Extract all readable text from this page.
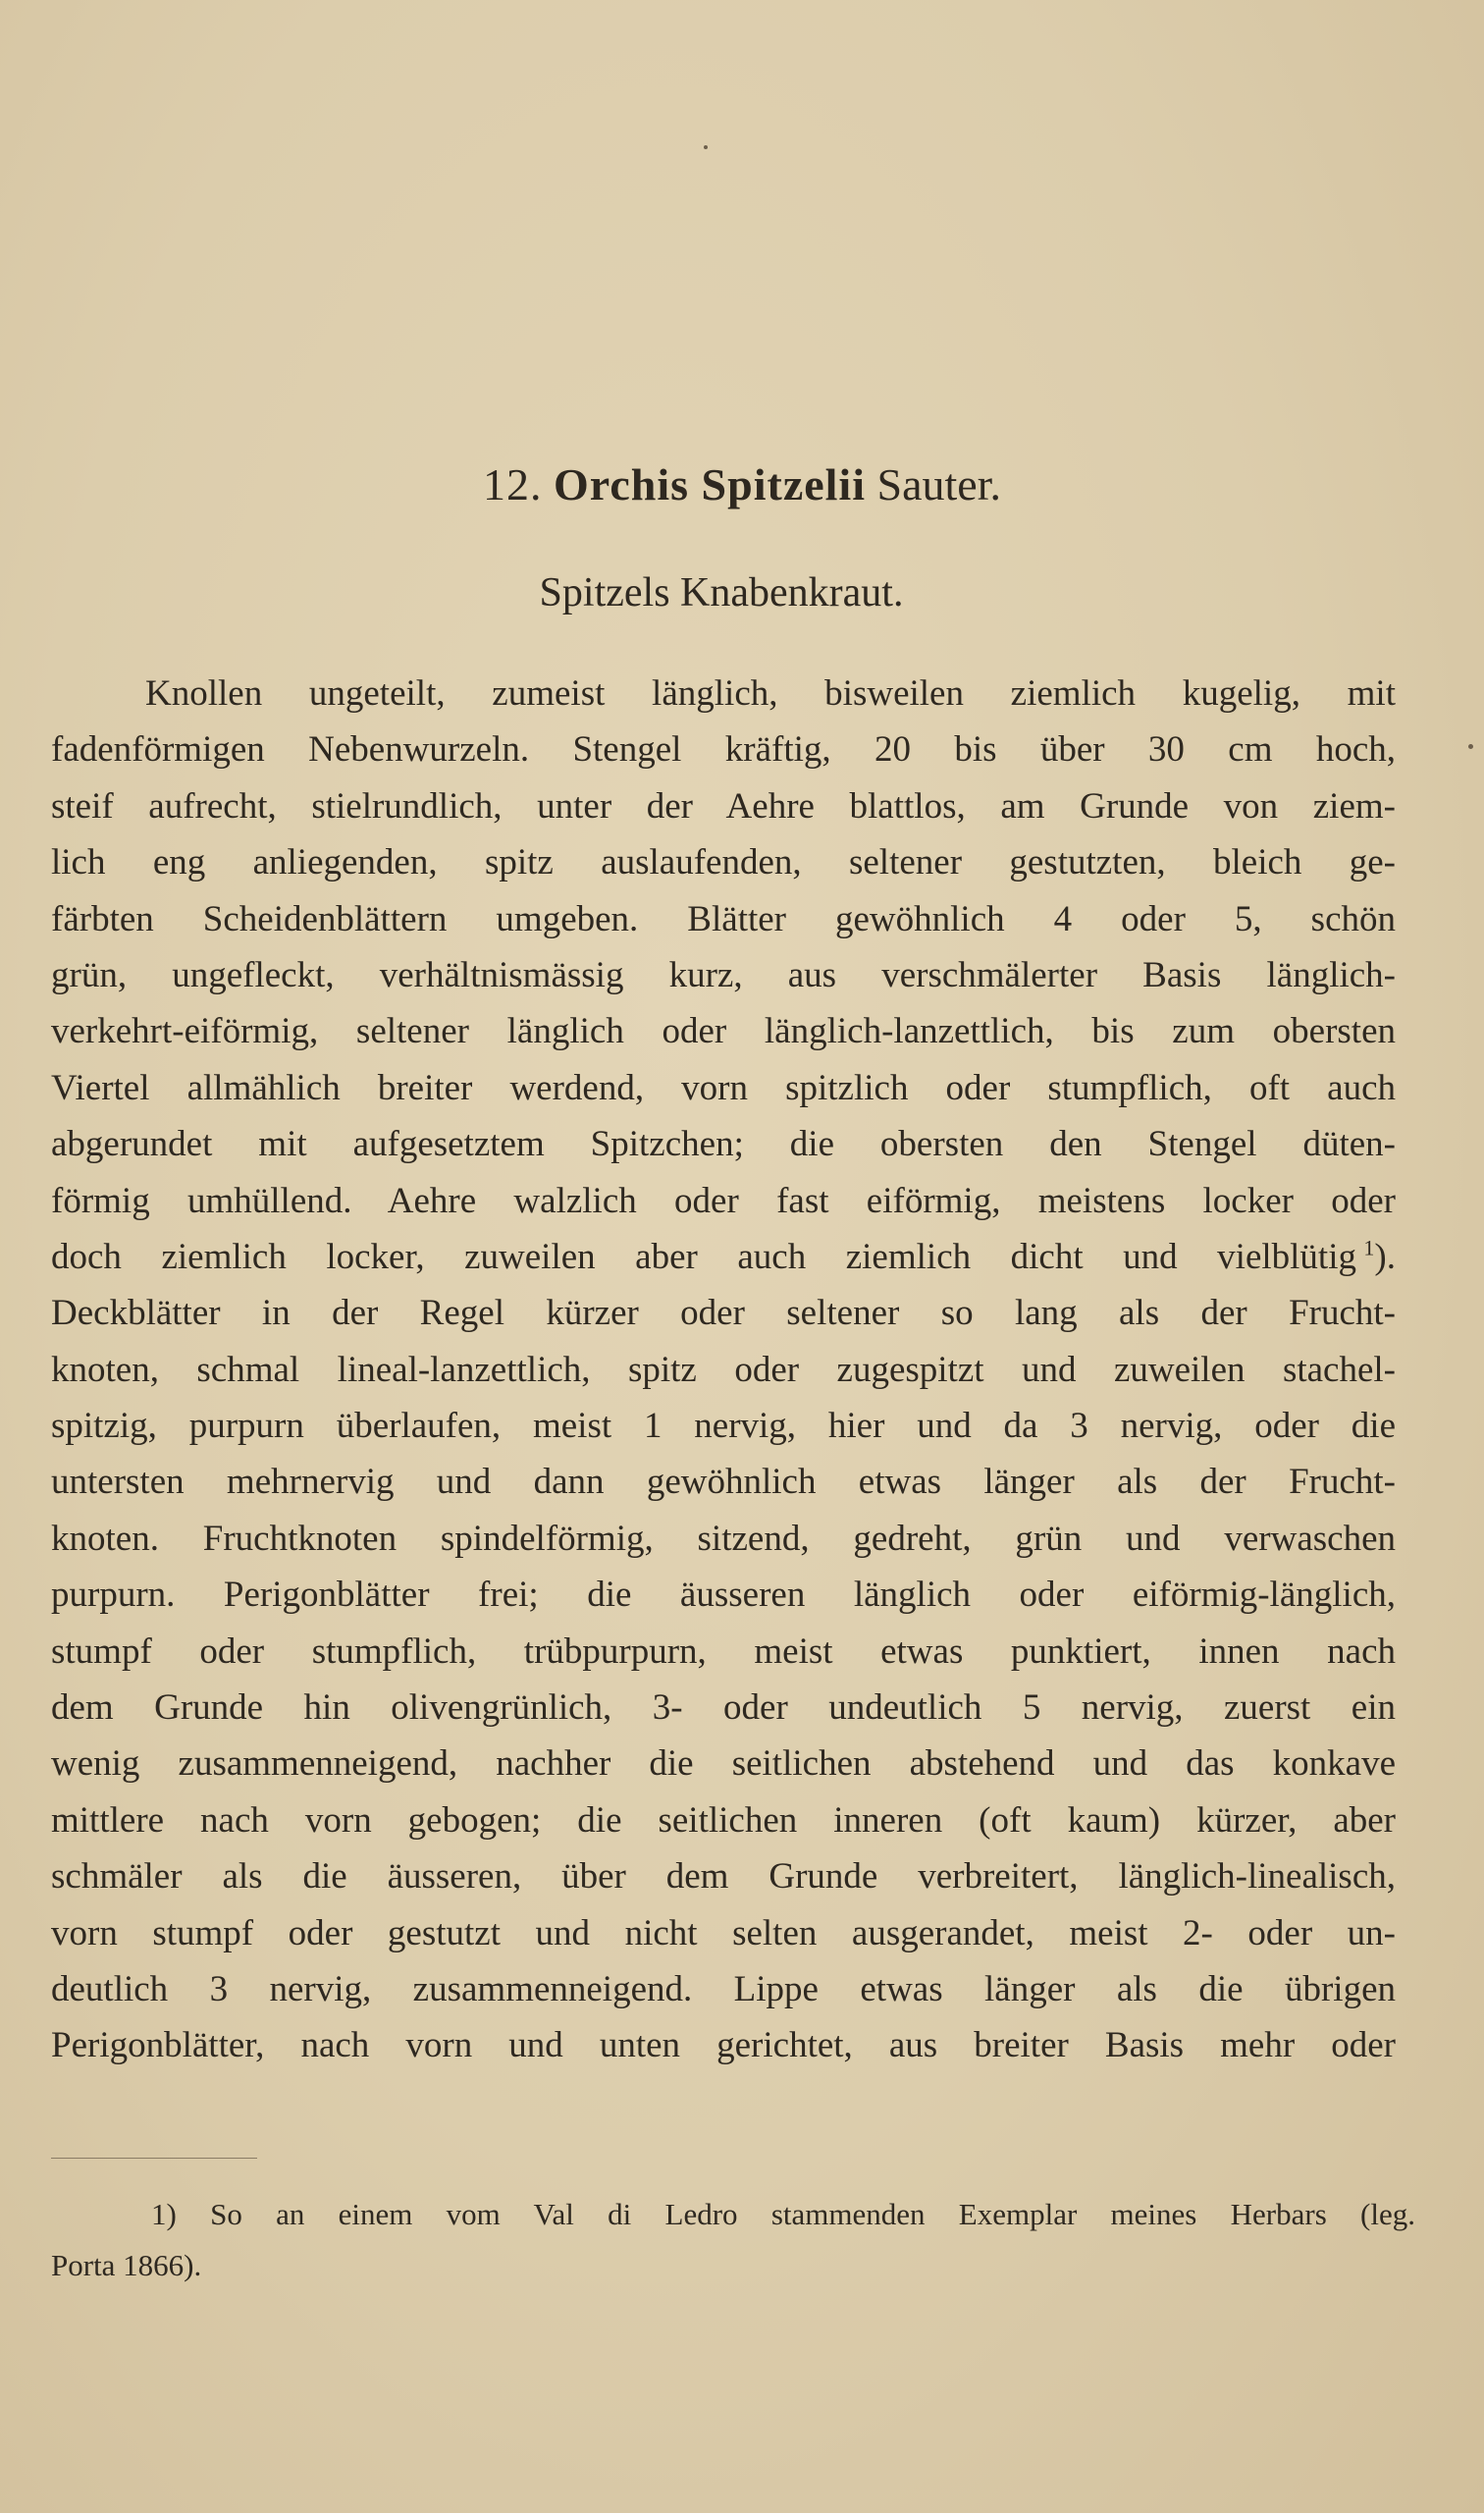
12. Orchis Spitzelii Sauter.
Spitzels Knabenkraut.
Knollen ungeteilt, zumeist länglich, bisweilen ziemlich kugelig, mit
fadenförmigen Nebenwurzeln. Stengel kräftig, 20 bis über 30 cm hoch,
steif aufrecht, stielrundlich, unter der Aehre blattlos, am Grunde von ziem-
lich eng anliegenden, spitz auslaufenden, seltener gestutzten, bleich ge-
färbten Scheidenblättern umgeben. Blätter gewöhnlich 4 oder 5, schön
grün, ungefleckt, verhältnismässig kurz, aus verschmälerter Basis länglich-
verkehrt-eiförmig, seltener länglich oder länglich-lanzettlich, bis zum obersten
Viertel allmählich breiter werdend, vorn spitzlich oder stumpflich, oft auch
abgerundet mit aufgesetztem Spitzchen; die obersten den Stengel düten-
förmig umhüllend. Aehre walzlich oder fast eiförmig, meistens locker oder
doch ziemlich locker, zuweilen aber auch ziemlich dicht und vielblütig  $^1$).
Deckblätter in der Regel kürzer oder seltener so lang als der Frucht-
knoten, schmal lineal-lanzettlich, spitz oder zugespitzt und zuweilen stachel-
spitzig, purpurn überlaufen, meist 1 nervig, hier und da 3 nervig, oder die
untersten mehrnervig und dann gewöhnlich etwas länger als der Frucht-
knoten. Fruchtknoten spindelförmig, sitzend, gedreht, grün und verwaschen
purpurn. Perigonblätter frei; die äusseren länglich oder eiförmig-länglich,
stumpf oder stumpflich, trübpurpurn, meist etwas punktiert, innen nach
dem Grunde hin olivengrünlich, 3- oder undeutlich 5 nervig, zuerst ein
wenig zusammenneigend, nachher die seitlichen abstehend und das konkave
mittlere nach vorn gebogen; die seitlichen inneren (oft kaum) kürzer, aber
schmäler als die äusseren, über dem Grunde verbreitert, länglich-linealisch,
vorn stumpf oder gestutzt und nicht selten ausgerandet, meist 2- oder un-
deutlich 3 nervig, zusammenneigend. Lippe etwas länger als die übrigen
Perigonblätter, nach vorn und unten gerichtet, aus breiter Basis mehr oder
1) So an einem vom Val di Ledro stammenden Exemplar meines Herbars (leg.
Porta 1866).
